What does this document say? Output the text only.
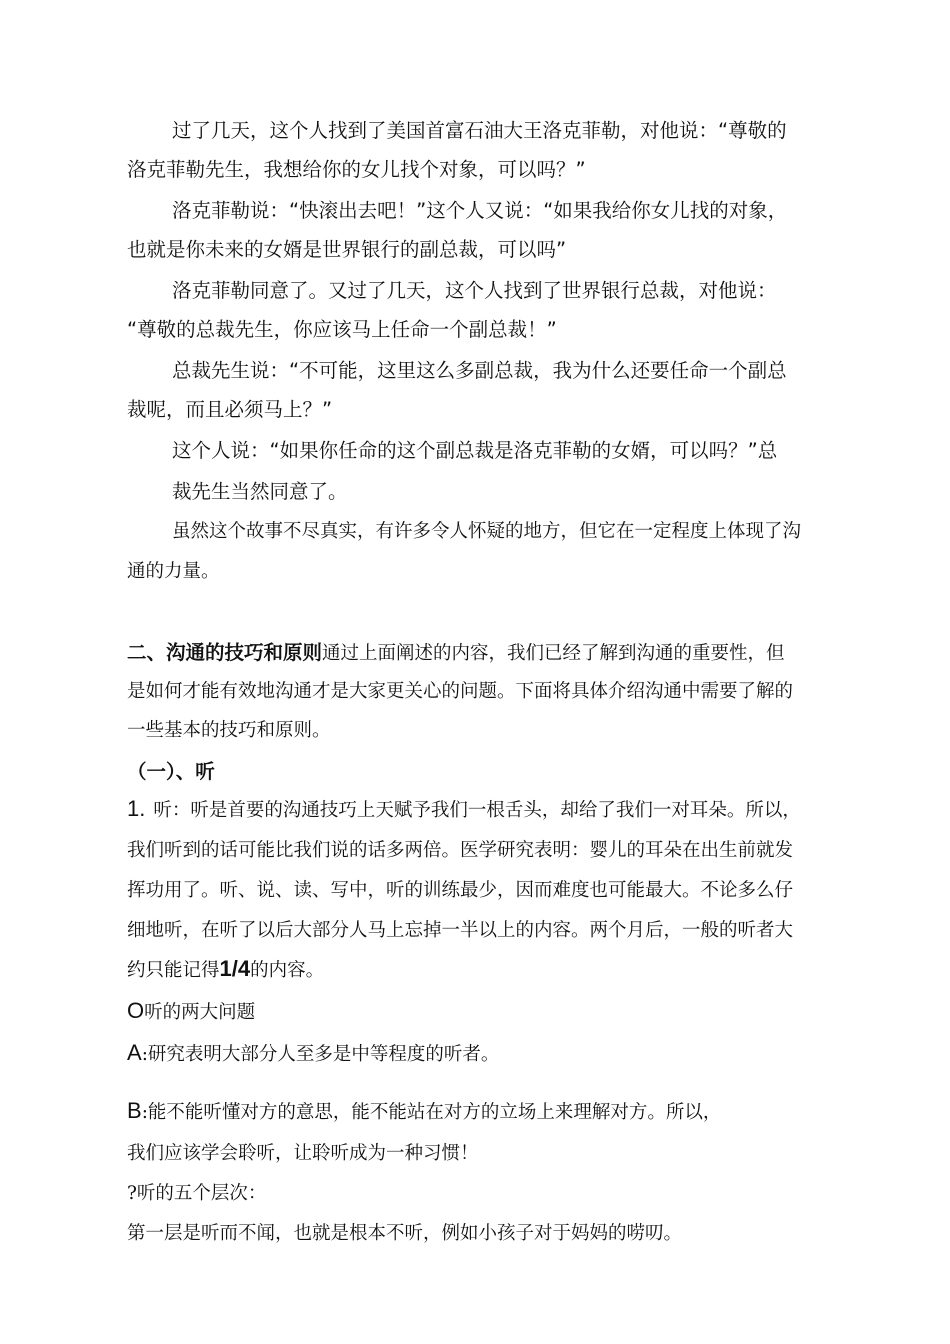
过了几天，这个人找到了美国首富石油大王洛克菲勒，对他说：“尊敬的

洛克菲勒先生，我想给你的女儿找个对象，可以吗？”

洛克菲勒说：“快滚出去吧！”这个人又说：“如果我给你女儿找的对象，

也就是你未来的女婿是世界银行的副总裁，可以吗”

洛克菲勒同意了。又过了几天，这个人找到了世界银行总裁，对他说：

“尊敬的总裁先生，你应该马上任命一个副总裁！”

总裁先生说：“不可能，这里这么多副总裁，我为什么还要任命一个副总

裁呢，而且必须马上？”

这个人说：“如果你任命的这个副总裁是洛克菲勒的女婿，可以吗？”总

裁先生当然同意了。

虽然这个故事不尽真实，有许多令人怀疑的地方，但它在一定程度上体现了沟

通的力量。

二、沟通的技巧和原则通过上面阐述的内容，我们已经了解到沟通的重要性，但

是如何才能有效地沟通才是大家更关心的问题。下面将具体介绍沟通中需要了解的

一些基本的技巧和原则。

（一）、听

1. 听：听是首要的沟通技巧上天赋予我们一根舌头，却给了我们一对耳朵。所以，

我们听到的话可能比我们说的话多两倍。医学研究表明：婴儿的耳朵在出生前就发

挥功用了。听、说、读、写中，听的训练最少，因而难度也可能最大。不论多么仔

细地听，在听了以后大部分人马上忘掉一半以上的内容。两个月后，一般的听者大

约只能记得1/4的内容。

O听的两大问题

A:研究表明大部分人至多是中等程度的听者。

B:能不能听懂对方的意思，能不能站在对方的立场上来理解对方。所以，

我们应该学会聆听，让聆听成为一种习惯！

?听的五个层次：

第一层是听而不闻，也就是根本不听，例如小孩子对于妈妈的唠叨。
